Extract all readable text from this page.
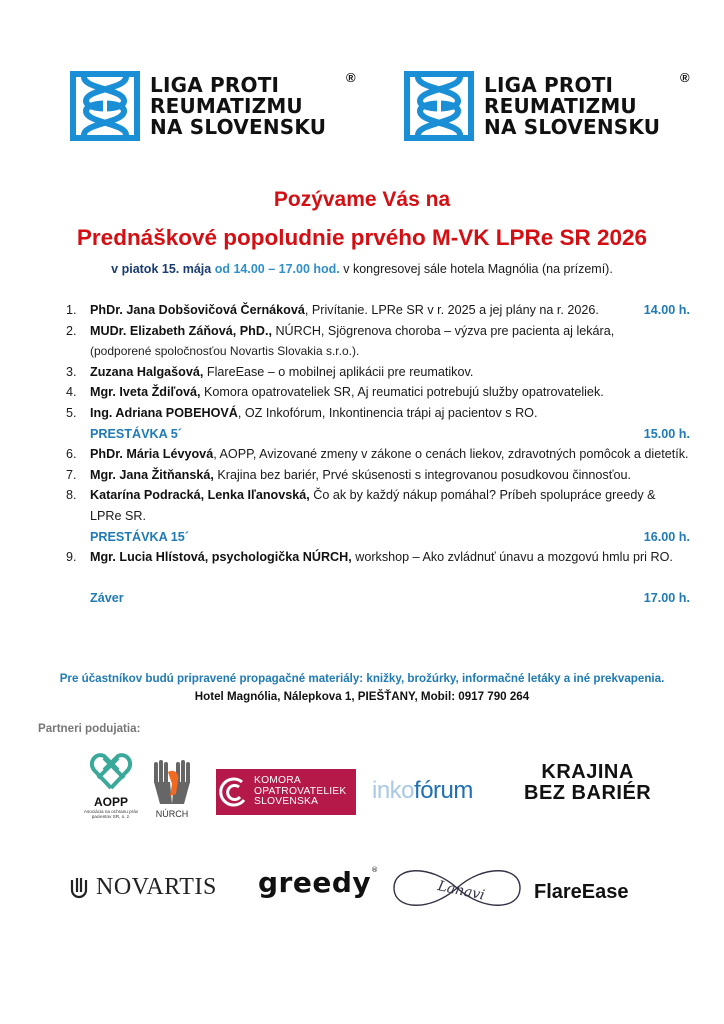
LIGA PROTI
REUMATIZMU
NA SLOVENSKU
®	LIGA PROTI
REUMATIZMU
NA SLOVENSKU
®
Pozývame Vás na
Prednáškové popoludnie prvého M-VK LPRe SR 2026
v piatok 15. mája od 14.00 – 17.00 hod. v kongresovej sále hotela Magnólia (na prízemí).
1.	PhDr. Jana Dobšovičová Černáková, Privítanie. LPRe SR v r. 2025 a jej plány na r. 2026.	14.00 h.
2.	MUDr. Elizabeth Záňová, PhD., NÚRCH, Sjögrenova choroba – výzva pre pacienta aj lekára,
(podporené spoločnosťou Novartis Slovakia s.r.o.).
3.	Zuzana Halgašová, FlareEase – o mobilnej aplikácii pre reumatikov.
4.	Mgr. Iveta Ždiľová, Komora opatrovateliek SR, Aj reumatici potrebujú služby opatrovateliek.
5.	Ing. Adriana POBEHOVÁ, OZ Inkofórum, Inkontinencia trápi aj pacientov s RO.
PRESTÁVKA 5´	15.00 h.
6.	PhDr. Mária Lévyová, AOPP, Avizované zmeny v zákone o cenách liekov, zdravotných pomôcok a dietetík.
7.	Mgr. Jana Žitňanská, Krajina bez bariér, Prvé skúsenosti s integrovanou posudkovou činnosťou.
8.	Katarína Podracká, Lenka Iľanovská, Čo ak by každý nákup pomáhal? Príbeh spolupráce greedy & LPRe SR.
PRESTÁVKA 15´	16.00 h.
9.	Mgr. Lucia Hlístová, psychologička NÚRCH, workshop – Ako zvládnuť únavu a mozgovú hmlu pri RO.
Záver	17.00 h.
Pre účastníkov budú pripravené propagačné materiály: knižky, brožúrky, informačné letáky a iné prekvapenia.
Hotel Magnólia, Nálepkova 1, PIEŠŤANY, Mobil: 0917 790 264
Partneri podujatia:
AOPP
Asociácia na ochranu práv pacientov SR, o. z.	NÚRCH
KOMORA
OPATROVATELIEK
SLOVENSKA	inkofórum
KRAJINA
BEZ BARIÉR
NOVARTIS greedy®
Lanavi FlareEase
